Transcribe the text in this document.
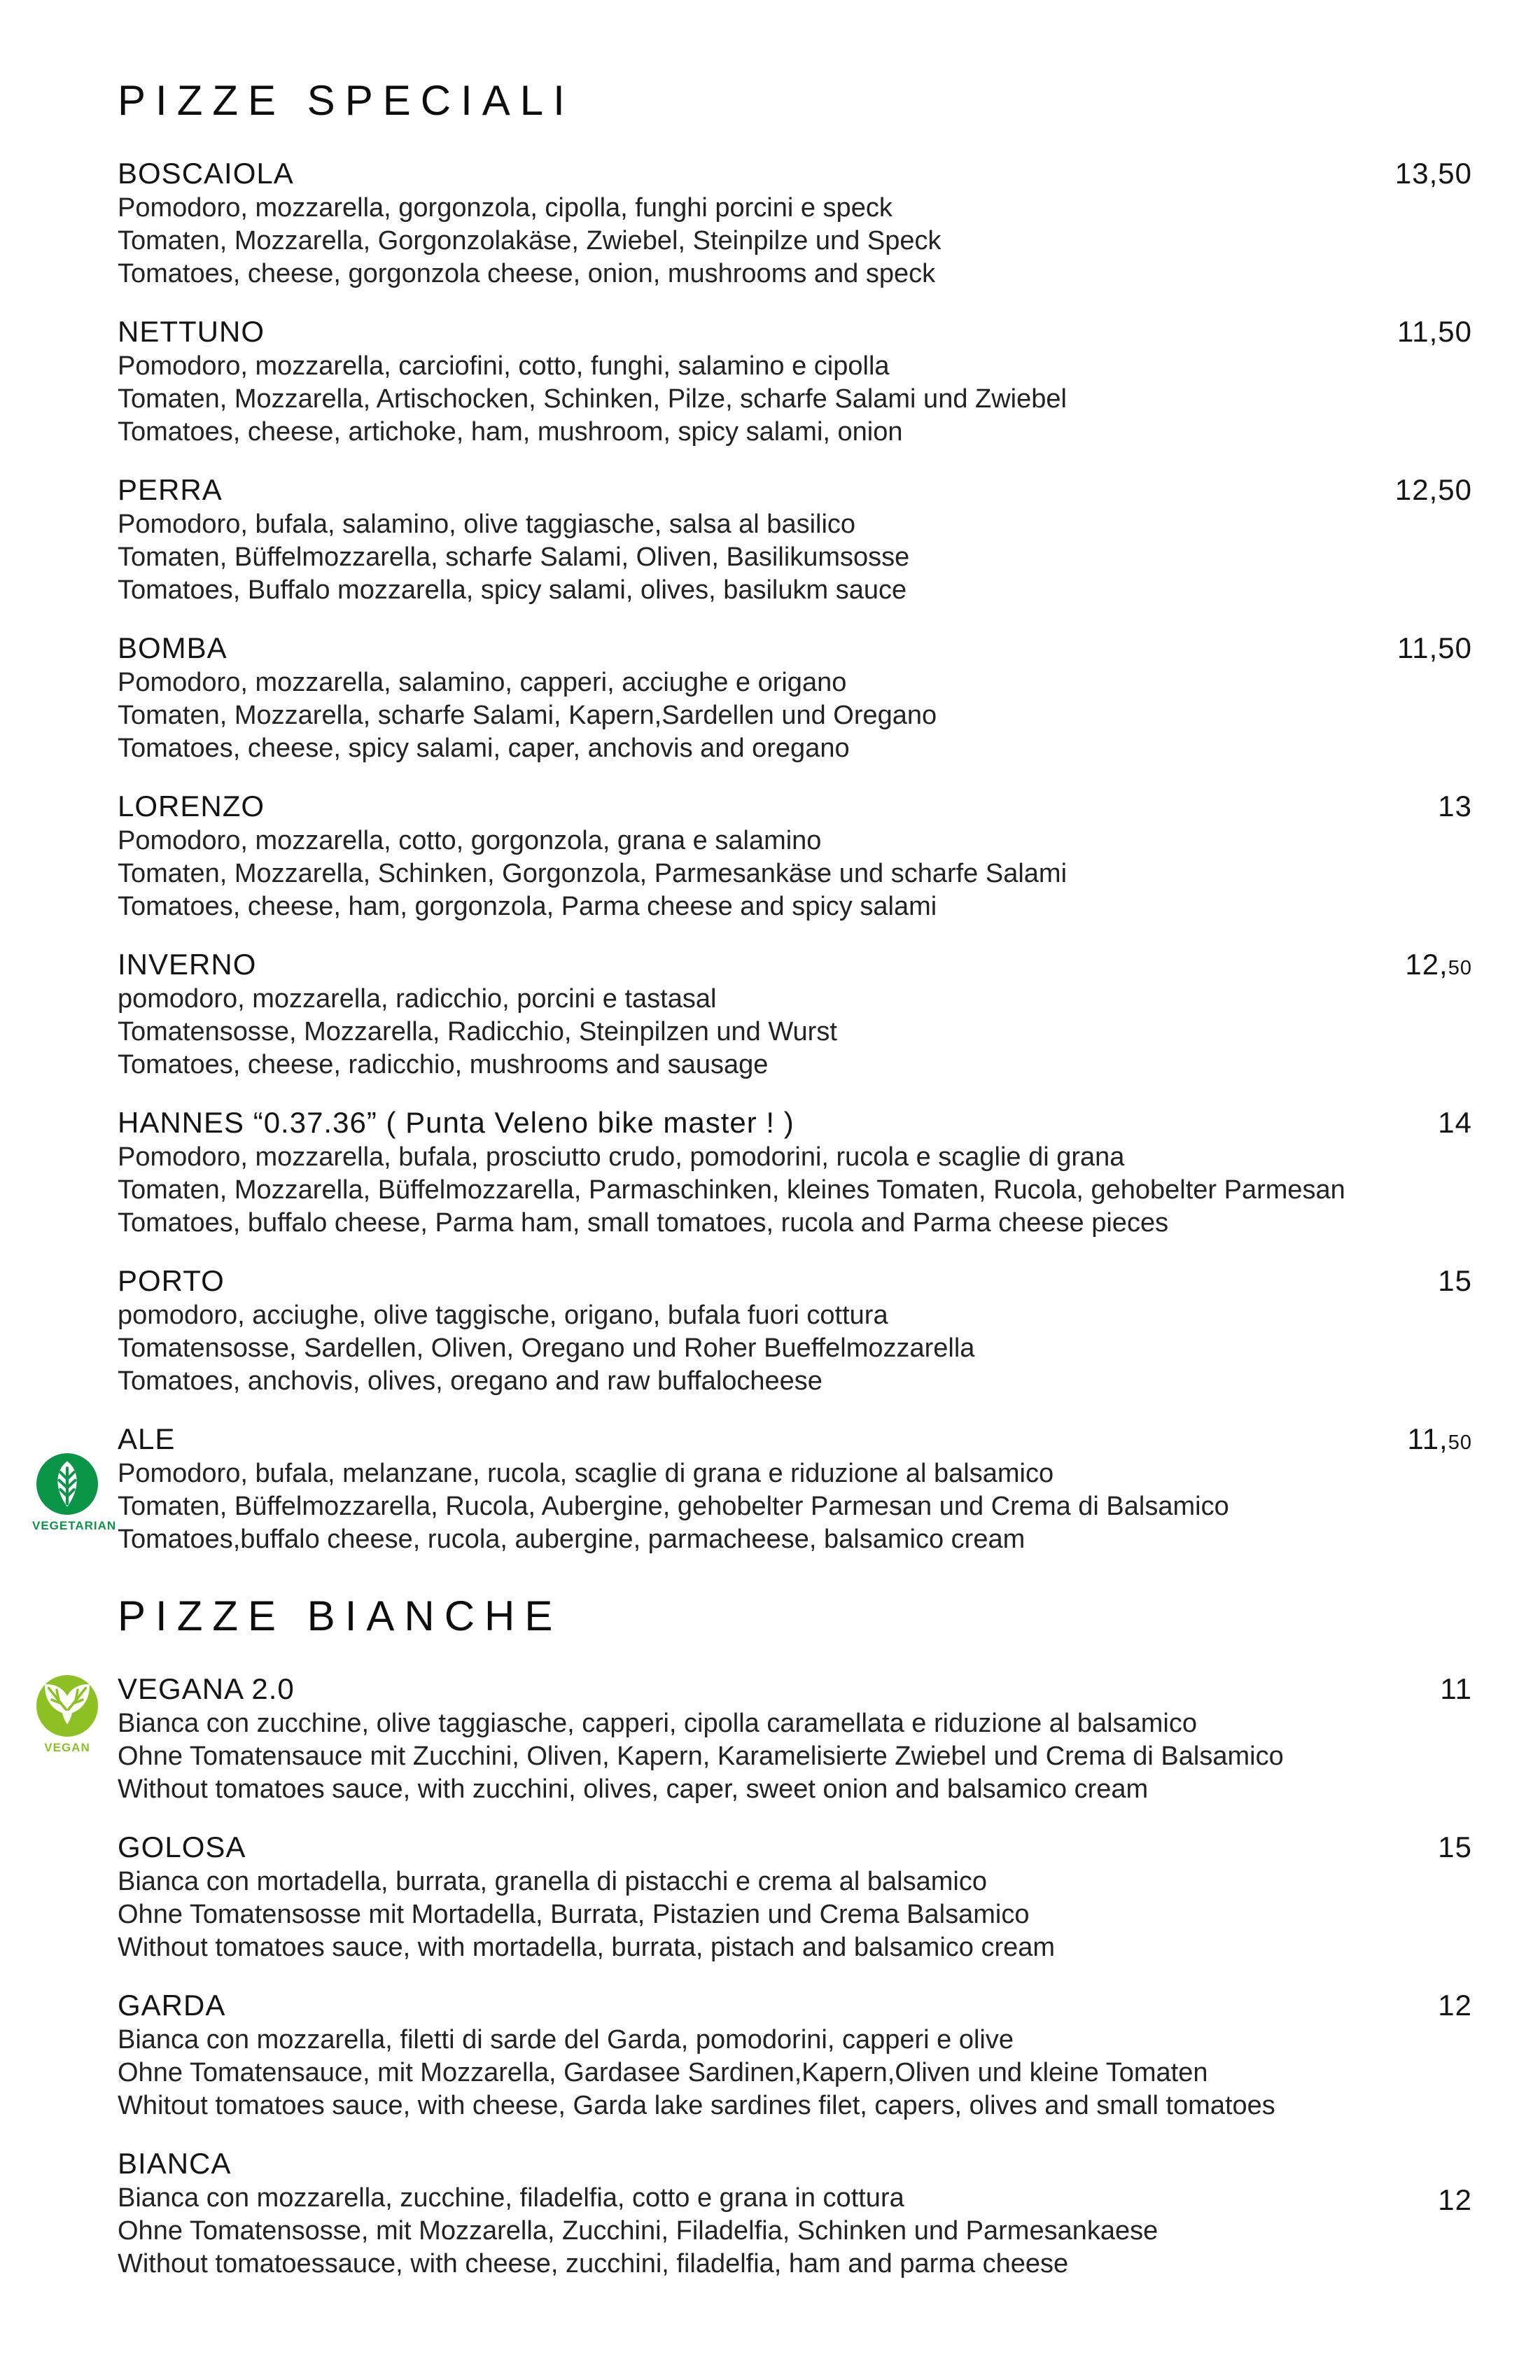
PIZZE SPECIALI
BOSCAIOLA
Pomodoro, mozzarella, gorgonzola, cipolla, funghi porcini e speck
Tomaten, Mozzarella, Gorgonzolakäse, Zwiebel, Steinpilze und Speck
Tomatoes, cheese, gorgonzola cheese, onion, mushrooms and speck
13,50
NETTUNO
Pomodoro, mozzarella, carciofini, cotto, funghi, salamino e cipolla
Tomaten, Mozzarella, Artischocken, Schinken, Pilze, scharfe Salami und Zwiebel
Tomatoes, cheese, artichoke, ham, mushroom, spicy salami, onion
11,50
PERRA
Pomodoro, bufala, salamino, olive taggiasche, salsa al basilico
Tomaten, Büffelmozzarella, scharfe Salami, Oliven, Basilikumsosse
Tomatoes, Buffalo mozzarella, spicy salami, olives, basilukm sauce
12,50
BOMBA
Pomodoro, mozzarella, salamino, capperi, acciughe e origano
Tomaten, Mozzarella, scharfe Salami, Kapern,Sardellen und Oregano
Tomatoes, cheese, spicy salami, caper, anchovis and oregano
11,50
LORENZO
Pomodoro, mozzarella, cotto, gorgonzola, grana e salamino
Tomaten, Mozzarella, Schinken, Gorgonzola, Parmesankäse und scharfe Salami
Tomatoes, cheese, ham, gorgonzola, Parma cheese and spicy salami
13
INVERNO
pomodoro, mozzarella, radicchio, porcini e tastasal
Tomatensosse, Mozzarella, Radicchio, Steinpilzen und Wurst
Tomatoes, cheese, radicchio, mushrooms and sausage
12,50
HANNES “0.37.36” ( Punta Veleno bike master ! )
Pomodoro, mozzarella, bufala, prosciutto crudo, pomodorini, rucola e scaglie di grana
Tomaten, Mozzarella, Büffelmozzarella, Parmaschinken, kleines Tomaten, Rucola, gehobelter Parmesan
Tomatoes, buffalo cheese, Parma ham, small tomatoes, rucola and Parma cheese pieces
14
PORTO
pomodoro, acciughe, olive taggische, origano, bufala fuori cottura
Tomatensosse, Sardellen, Oliven, Oregano und Roher Bueffelmozzarella
Tomatoes, anchovis, olives, oregano and raw buffalocheese
15
ALE
Pomodoro, bufala, melanzane, rucola, scaglie di grana e riduzione al balsamico
Tomaten, Büffelmozzarella, Rucola, Aubergine, gehobelter Parmesan und Crema di Balsamico
Tomatoes,buffalo cheese, rucola, aubergine, parmacheese, balsamico cream
11,50
VEGETARIAN
PIZZE BIANCHE
VEGANA 2.0
Bianca con zucchine, olive taggiasche, capperi, cipolla caramellata e riduzione al balsamico
Ohne Tomatensauce mit Zucchini, Oliven, Kapern, Karamelisierte Zwiebel und Crema di Balsamico
Without tomatoes sauce, with zucchini, olives, caper, sweet onion and balsamico cream
11
VEGAN
GOLOSA
Bianca con mortadella, burrata, granella di pistacchi e crema al balsamico
Ohne Tomatensosse mit Mortadella, Burrata, Pistazien und Crema Balsamico
Without tomatoes sauce, with mortadella, burrata, pistach and balsamico cream
15
GARDA
Bianca con mozzarella, filetti di sarde del Garda, pomodorini, capperi e olive
Ohne Tomatensauce, mit Mozzarella, Gardasee Sardinen,Kapern,Oliven und kleine Tomaten
Whitout tomatoes sauce, with cheese, Garda lake sardines filet, capers, olives and small tomatoes
12
BIANCA
Bianca con mozzarella, zucchine, filadelfia, cotto e grana in cottura
Ohne Tomatensosse, mit Mozzarella, Zucchini, Filadelfia, Schinken und Parmesankaese
Without tomatoessauce, with cheese, zucchini, filadelfia, ham and parma cheese
12
